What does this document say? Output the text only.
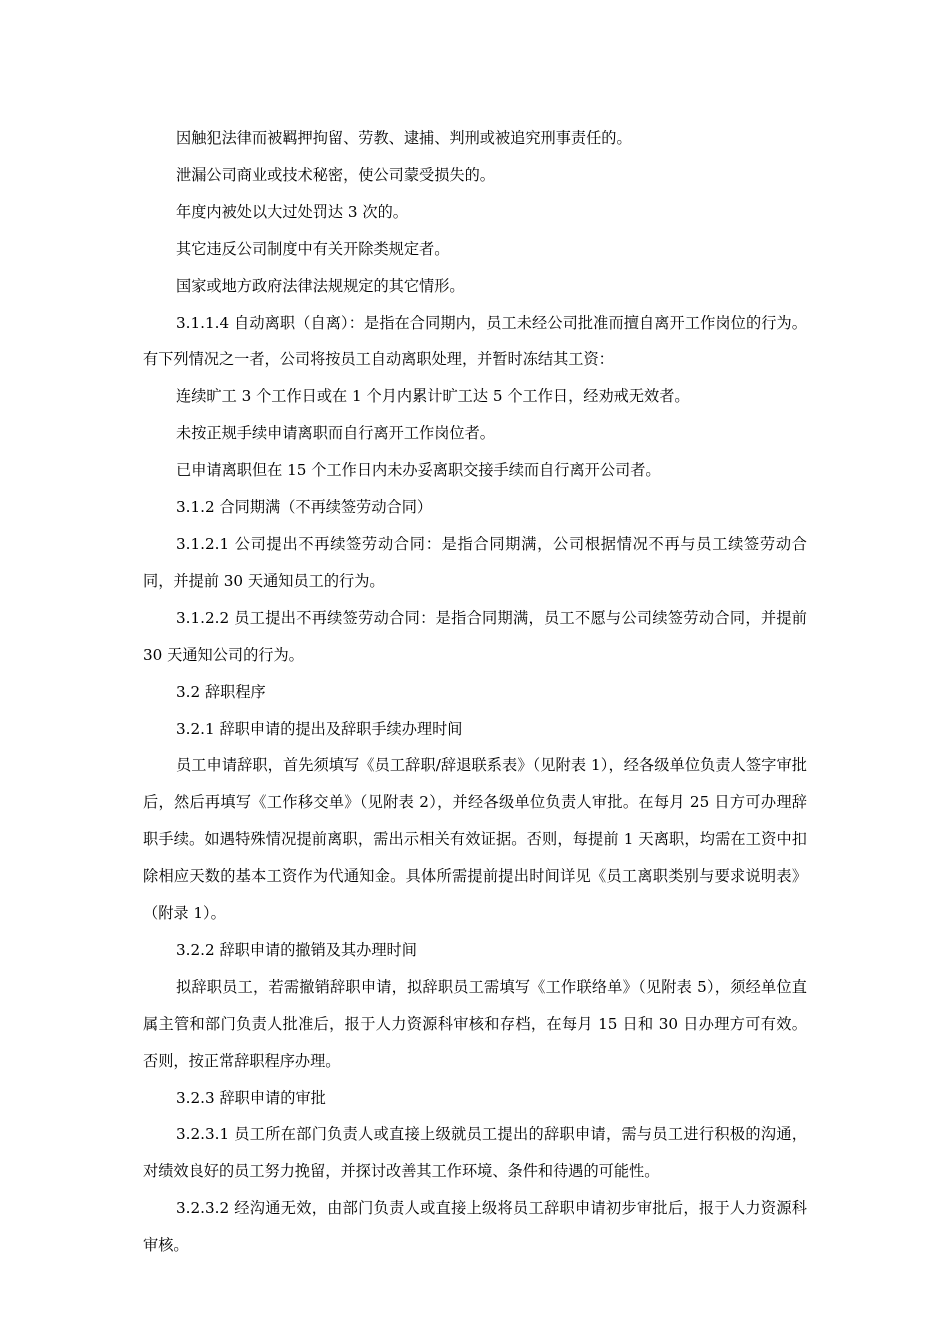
因触犯法律而被羁押拘留、劳教、逮捕、判刑或被追究刑事责任的。

泄漏公司商业或技术秘密，使公司蒙受损失的。

年度内被处以大过处罚达 3 次的。

其它违反公司制度中有关开除类规定者。

国家或地方政府法律法规规定的其它情形。

3.1.1.4 自动离职（自离）：是指在合同期内，员工未经公司批准而擅自离开工作岗位的行为。有下列情况之一者，公司将按员工自动离职处理，并暂时冻结其工资：

连续旷工 3 个工作日或在 1 个月内累计旷工达 5 个工作日，经劝戒无效者。

未按正规手续申请离职而自行离开工作岗位者。

已申请离职但在 15 个工作日内未办妥离职交接手续而自行离开公司者。

3.1.2 合同期满（不再续签劳动合同）

3.1.2.1 公司提出不再续签劳动合同：是指合同期满，公司根据情况不再与员工续签劳动合同，并提前 30 天通知员工的行为。

3.1.2.2 员工提出不再续签劳动合同：是指合同期满，员工不愿与公司续签劳动合同，并提前 30 天通知公司的行为。

3.2 辞职程序

3.2.1 辞职申请的提出及辞职手续办理时间

员工申请辞职，首先须填写《员工辞职/辞退联系表》（见附表 1），经各级单位负责人签字审批后，然后再填写《工作移交单》（见附表 2），并经各级单位负责人审批。在每月 25 日方可办理辞职手续。如遇特殊情况提前离职，需出示相关有效证据。否则，每提前 1 天离职，均需在工资中扣除相应天数的基本工资作为代通知金。具体所需提前提出时间详见《员工离职类别与要求说明表》（附录 1）。

3.2.2 辞职申请的撤销及其办理时间

拟辞职员工，若需撤销辞职申请，拟辞职员工需填写《工作联络单》（见附表 5），须经单位直属主管和部门负责人批准后，报于人力资源科审核和存档，在每月 15 日和 30 日办理方可有效。否则，按正常辞职程序办理。

3.2.3 辞职申请的审批

3.2.3.1 员工所在部门负责人或直接上级就员工提出的辞职申请，需与员工进行积极的沟通，对绩效良好的员工努力挽留，并探讨改善其工作环境、条件和待遇的可能性。

3.2.3.2 经沟通无效，由部门负责人或直接上级将员工辞职申请初步审批后，报于人力资源科审核。
